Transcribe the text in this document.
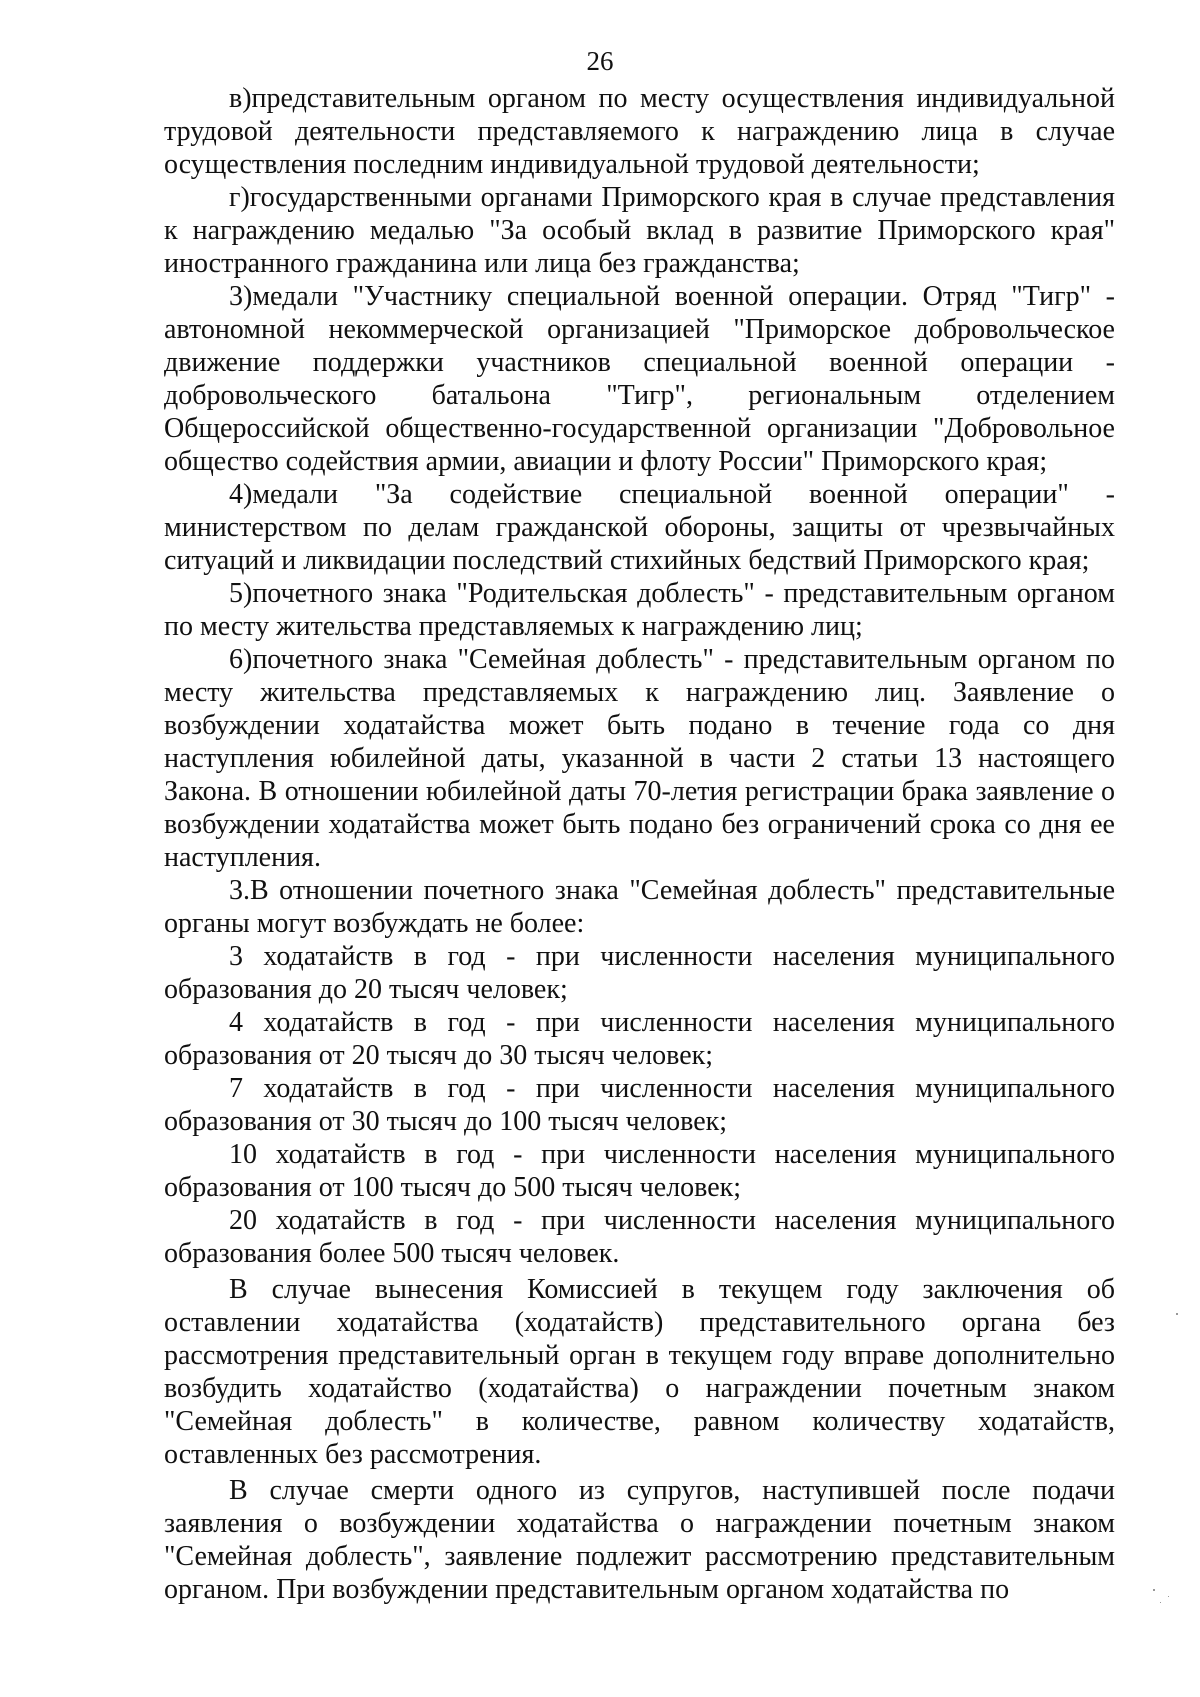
26

в)представительным органом по месту осуществления индивидуальной трудовой деятельности представляемого к награждению лица в случае осуществления последним индивидуальной трудовой деятельности;

г)государственными органами Приморского края в случае представления к награждению медалью "За особый вклад в развитие Приморского края" иностранного гражданина или лица без гражданства;

3)медали "Участнику специальной военной операции. Отряд "Тигр" - автономной некоммерческой организацией "Приморское добровольческое движение поддержки участников специальной военной операции - добровольческого батальона "Тигр", региональным отделением Общероссийской общественно-государственной организации "Добровольное общество содействия армии, авиации и флоту России" Приморского края;

4)медали "За содействие специальной военной операции" - министерством по делам гражданской обороны, защиты от чрезвычайных ситуаций и ликвидации последствий стихийных бедствий Приморского края;

5)почетного знака "Родительская доблесть" - представительным органом по месту жительства представляемых к награждению лиц;

6)почетного знака "Семейная доблесть" - представительным органом по месту жительства представляемых к награждению лиц. Заявление о возбуждении ходатайства может быть подано в течение года со дня наступления юбилейной даты, указанной в части 2 статьи 13 настоящего Закона. В отношении юбилейной даты 70-летия регистрации брака заявление о возбуждении ходатайства может быть подано без ограничений срока со дня ее наступления.

3.В отношении почетного знака "Семейная доблесть" представительные органы могут возбуждать не более:

3 ходатайств в год - при численности населения муниципального образования до 20 тысяч человек;

4 ходатайств в год - при численности населения муниципального образования от 20 тысяч до 30 тысяч человек;

7 ходатайств в год - при численности населения муниципального образования от 30 тысяч до 100 тысяч человек;

10 ходатайств в год - при численности населения муниципального образования от 100 тысяч до 500 тысяч человек;

20 ходатайств в год - при численности населения муниципального образования более 500 тысяч человек.

В случае вынесения Комиссией в текущем году заключения об оставлении ходатайства (ходатайств) представительного органа без рассмотрения представительный орган в текущем году вправе дополнительно возбудить ходатайство (ходатайства) о награждении почетным знаком "Семейная доблесть" в количестве, равном количеству ходатайств, оставленных без рассмотрения.

В случае смерти одного из супругов, наступившей после подачи заявления о возбуждении ходатайства о награждении почетным знаком "Семейная доблесть", заявление подлежит рассмотрению представительным органом. При возбуждении представительным органом ходатайства по
